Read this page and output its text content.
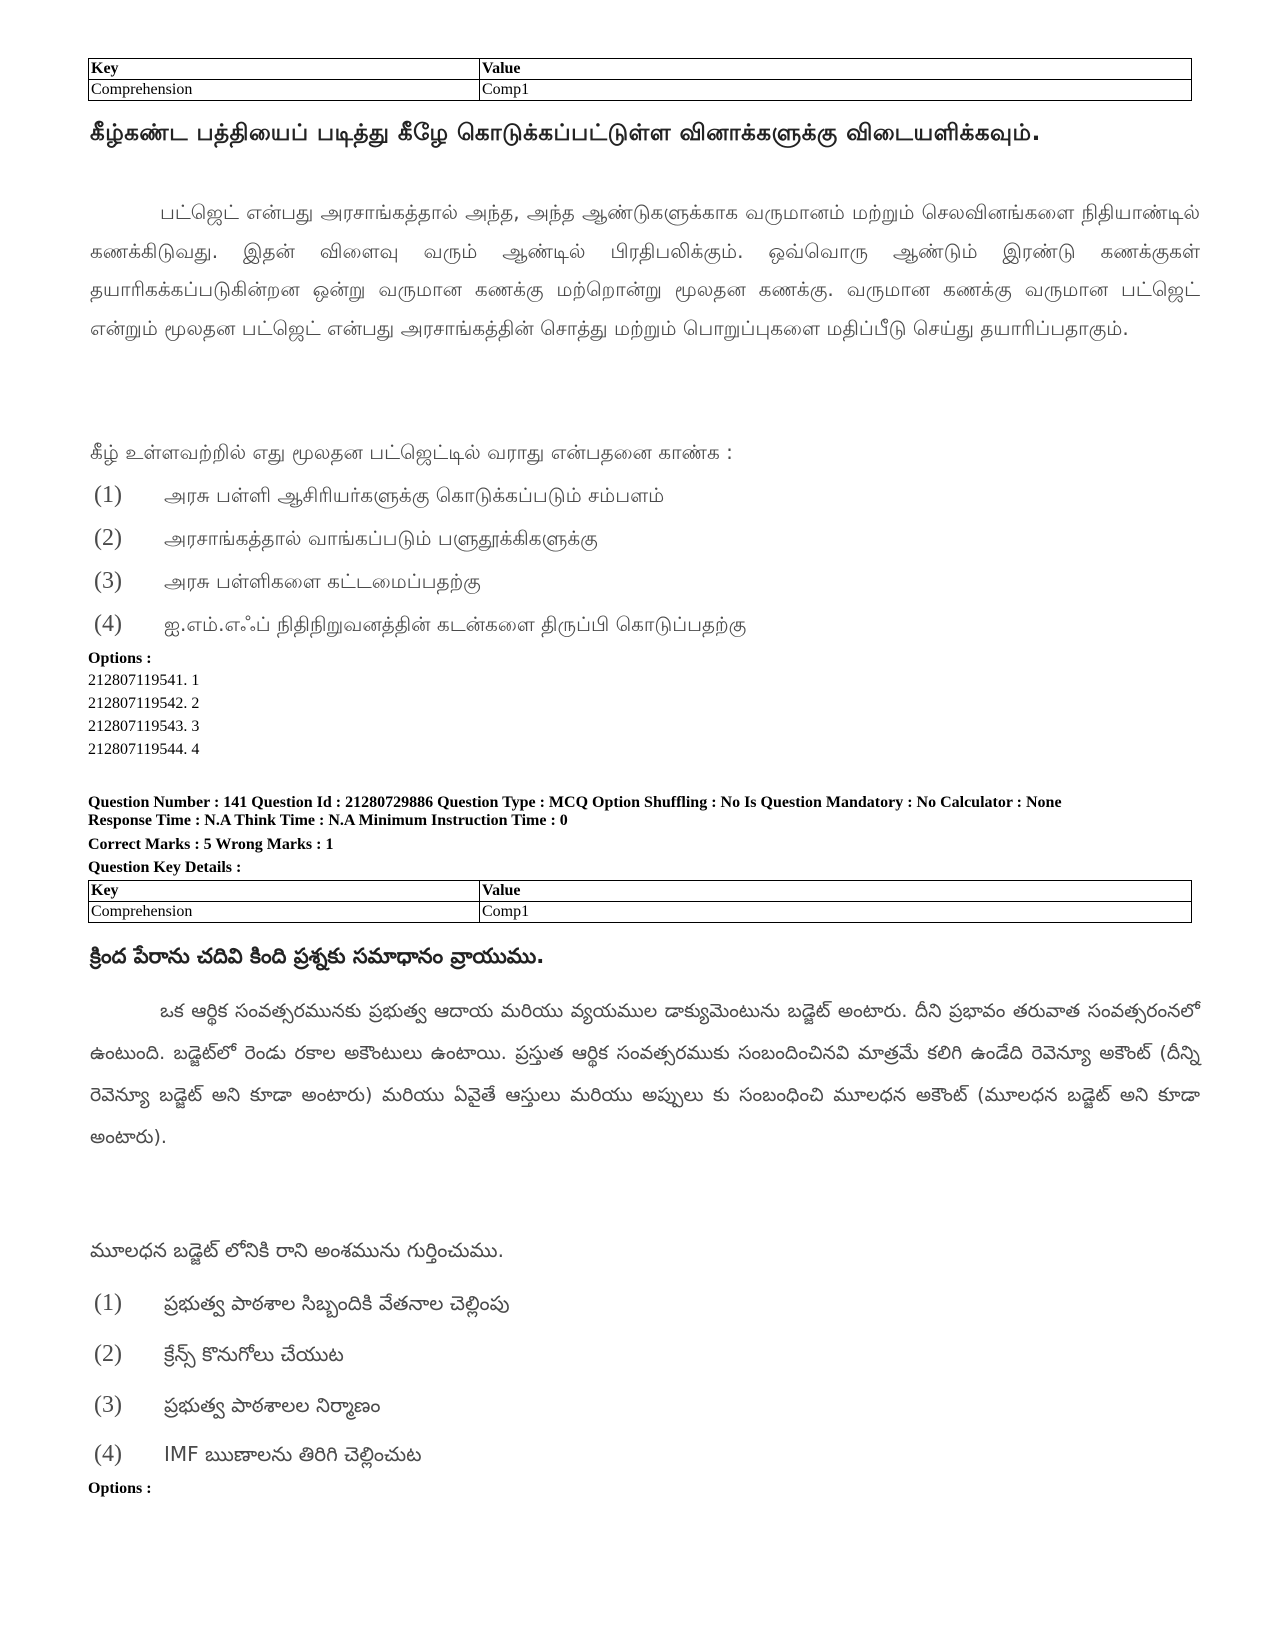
Key	Value
Comprehension	Comp1
கீழ்கண்ட பத்தியைப் படித்து கீழே கொடுக்கப்பட்டுள்ள வினாக்களுக்கு விடையளிக்கவும்.
பட்ஜெட் என்பது அரசாங்கத்தால் அந்த, அந்த ஆண்டுகளுக்காக வருமானம் மற்றும் செலவினங்களை நிதியாண்டில் கணக்கிடுவது. இதன் விளைவு வரும் ஆண்டில் பிரதிபலிக்கும். ஒவ்வொரு ஆண்டும் இரண்டு கணக்குகள் தயாரிகக்கப்படுகின்றன ஒன்று வருமான கணக்கு மற்றொன்று மூலதன கணக்கு. வருமான கணக்கு வருமான பட்ஜெட் என்றும் மூலதன பட்ஜெட் என்பது அரசாங்கத்தின் சொத்து மற்றும் பொறுப்புகளை மதிப்பீடு செய்து தயாரிப்பதாகும்.
கீழ் உள்ளவற்றில் எது மூலதன பட்ஜெட்டில் வராது என்பதனை காண்க :
(1) அரசு பள்ளி ஆசிரியர்களுக்கு கொடுக்கப்படும் சம்பளம்
(2) அரசாங்கத்தால் வாங்கப்படும் பளுதூக்கிகளுக்கு
(3) அரசு பள்ளிகளை கட்டமைப்பதற்கு
(4) ஐ.எம்.எஃப் நிதிநிறுவனத்தின் கடன்களை திருப்பி கொடுப்பதற்கு
Options :
212807119541. 1
212807119542. 2
212807119543. 3
212807119544. 4
Question Number : 141 Question Id : 21280729886 Question Type : MCQ Option Shuffling : No Is Question Mandatory : No Calculator : None
Response Time : N.A Think Time : N.A Minimum Instruction Time : 0
Correct Marks : 5 Wrong Marks : 1
Question Key Details :
Key	Value
Comprehension	Comp1
క్రింద పేరాను చదివి కింది ప్రశ్నకు సమాధానం వ్రాయుము.
ఒక ఆర్థిక సంవత్సరమునకు ప్రభుత్వ ఆదాయ మరియు వ్యయముల డాక్యుమెంటును బడ్జెట్ అంటారు. దీని ప్రభావం తరువాత సంవత్సరంనలో ఉంటుంది. బడ్జెట్‌లో రెండు రకాల అకౌంటులు ఉంటాయి. ప్రస్తుత ఆర్థిక సంవత్సరముకు సంబందించినవి మాత్రమే కలిగి ఉండేది రెవెన్యూ అకౌంట్ (దీన్ని రెవెన్యూ బడ్జెట్ అని కూడా అంటారు) మరియు ఏవైతే ఆస్తులు మరియు అప్పులు కు సంబంధించి మూలధన అకౌంట్ (మూలధన బడ్జెట్ అని కూడా అంటారు).
మూలధన బడ్జెట్ లోనికి రాని అంశమును గుర్తించుము.
(1) ప్రభుత్వ పాఠశాల సిబ్బందికి వేతనాల చెల్లింపు
(2) క్రేన్స్ కొనుగోలు చేయుట
(3) ప్రభుత్వ పాఠశాలల నిర్మాణం
(4) IMF ఋణాలను తిరిగి చెల్లించుట
Options :
